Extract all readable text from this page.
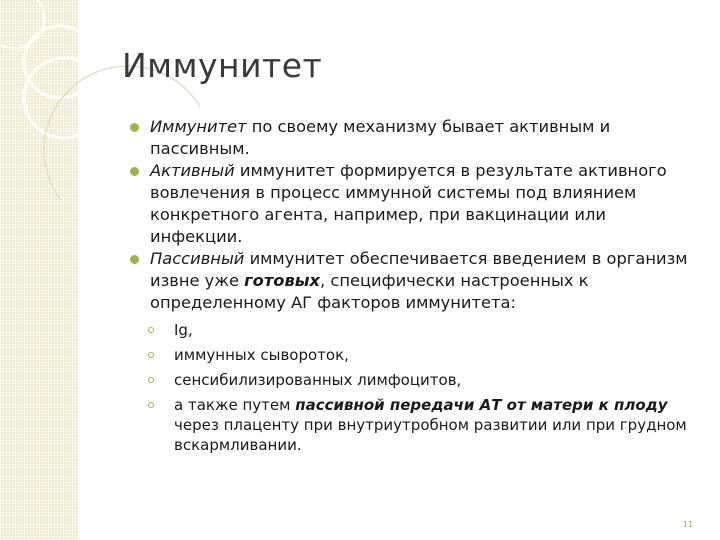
Иммунитет
Иммунитет по своему механизму бывает активным и пассивным.
Активный иммунитет формируется в результате активного вовлечения в процесс иммунной системы под влиянием конкретного агента, например, при вакцинации или инфекции.
Пассивный иммунитет обеспечивается введением в организм извне уже готовых, специфически настроенных к определенному АГ факторов иммунитета:
Ig,
иммунных сывороток,
сенсибилизированных лимфоцитов,
а также путем пассивной передачи АТ от матери к плоду через плаценту при внутриутробном развитии или при грудном вскармливании.
11
